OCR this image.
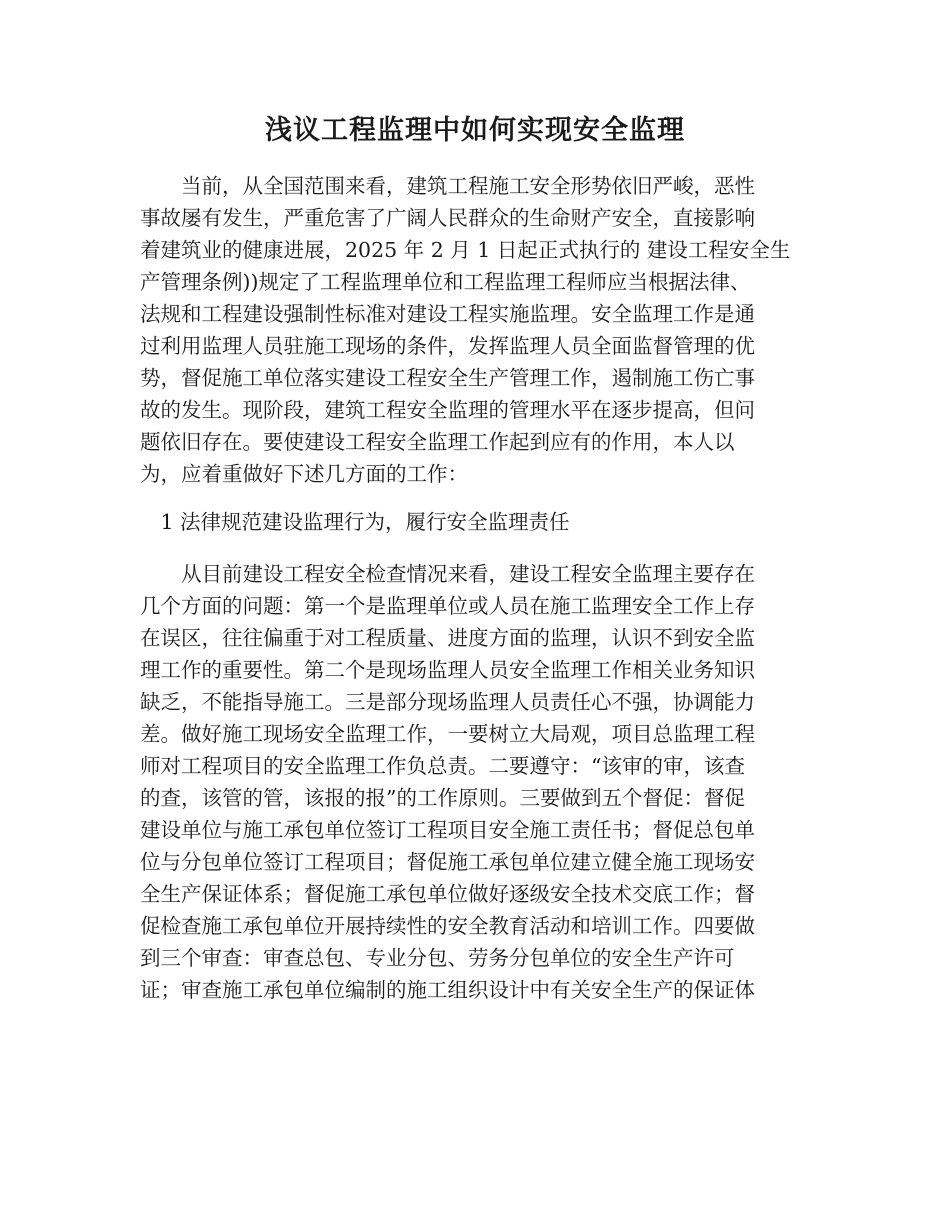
浅议工程监理中如何实现安全监理

　　当前，从全国范围来看，建筑工程施工安全形势依旧严峻，恶性

事故屡有发生，严重危害了广阔人民群众的生命财产安全，直接影响

着建筑业的健康进展，2025 年 2 月 1 日起正式执行的 建设工程安全生

产管理条例))规定了工程监理单位和工程监理工程师应当根据法律、

法规和工程建设强制性标准对建设工程实施监理。安全监理工作是通

过利用监理人员驻施工现场的条件，发挥监理人员全面监督管理的优

势，督促施工单位落实建设工程安全生产管理工作，遏制施工伤亡事

故的发生。现阶段，建筑工程安全监理的管理水平在逐步提高，但问

题依旧存在。要使建设工程安全监理工作起到应有的作用，本人以

为，应着重做好下述几方面的工作：

　1 法律规范建设监理行为，履行安全监理责任

　　从目前建设工程安全检查情况来看，建设工程安全监理主要存在

几个方面的问题：第一个是监理单位或人员在施工监理安全工作上存

在误区，往往偏重于对工程质量、进度方面的监理，认识不到安全监

理工作的重要性。第二个是现场监理人员安全监理工作相关业务知识

缺乏，不能指导施工。三是部分现场监理人员责任心不强，协调能力

差。做好施工现场安全监理工作，一要树立大局观，项目总监理工程

师对工程项目的安全监理工作负总责。二要遵守：“该审的审，该查

的查，该管的管，该报的报”的工作原则。三要做到五个督促：督促

建设单位与施工承包单位签订工程项目安全施工责任书；督促总包单

位与分包单位签订工程项目；督促施工承包单位建立健全施工现场安

全生产保证体系；督促施工承包单位做好逐级安全技术交底工作；督

促检查施工承包单位开展持续性的安全教育活动和培训工作。四要做

到三个审查：审查总包、专业分包、劳务分包单位的安全生产许可

证；审查施工承包单位编制的施工组织设计中有关安全生产的保证体
